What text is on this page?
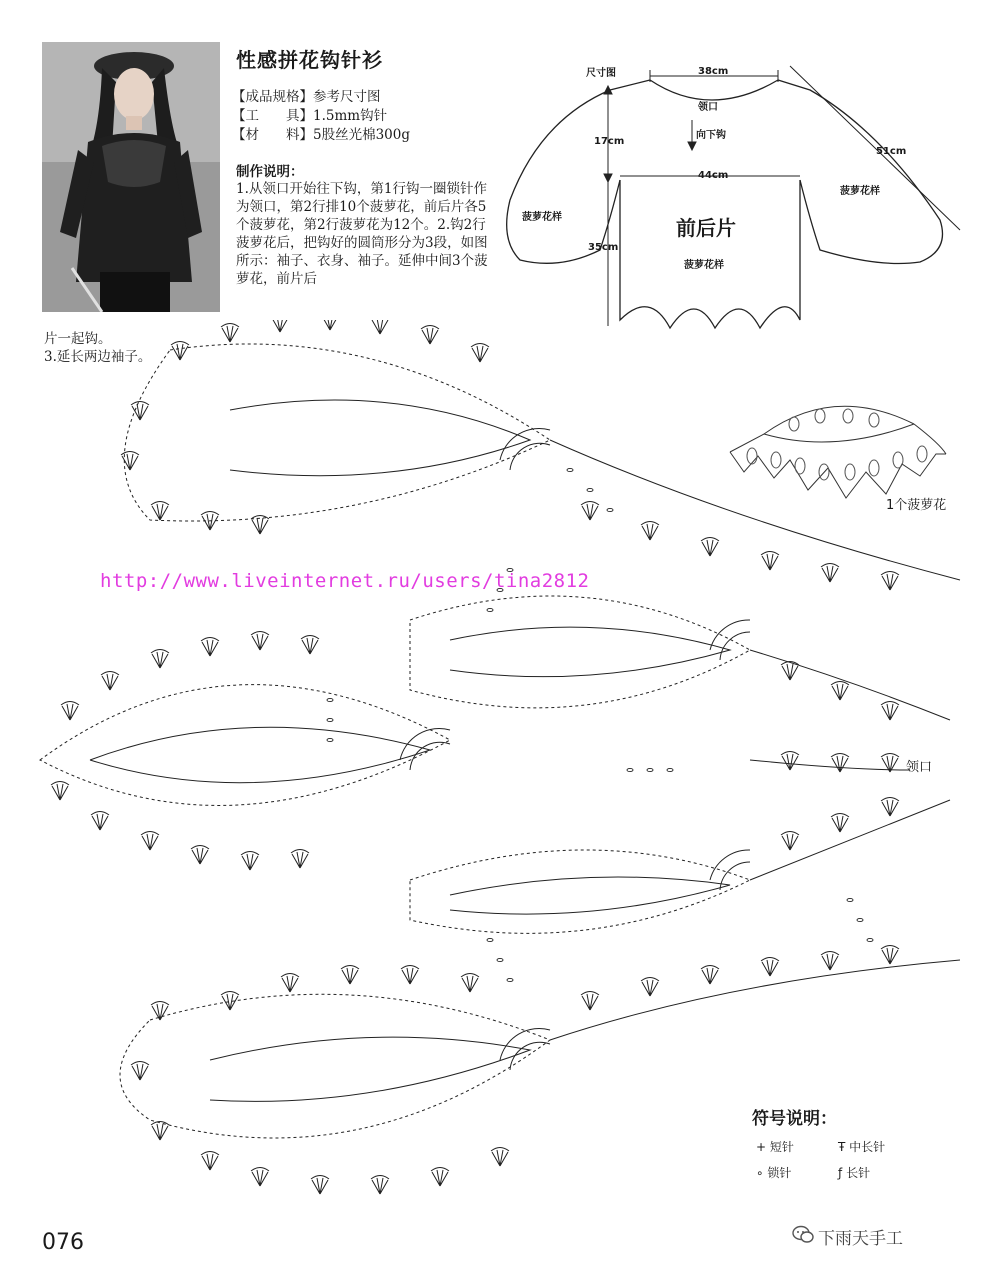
性感拼花钩针衫
【成品规格】参考尺寸图
【工　　具】1.5mm钩针
【材　　料】5股丝光棉300g
制作说明：
1.从领口开始往下钩，第1行钩一圈锁针作为领口，第2行排10个菠萝花，前后片各5个菠萝花，第2行菠萝花为12个。2.钩2行菠萝花后，把钩好的圆筒形分为3段，如图所示：袖子、衣身、袖子。延伸中间3个菠萝花，前片后
片一起钩。
3.延长两边袖子。
尺寸图	38cm
领口
向下钩
17cm
51cm
44cm
菠萝花样
菠萝花样
前后片
35cm
菠萝花样
1个菠萝花
http://www.liveinternet.ru/users/tina2812
领口
符号说明：
+ 短针	Ŧ 中长针
∘ 锁针	ƒ 长针
076	下雨天手工
